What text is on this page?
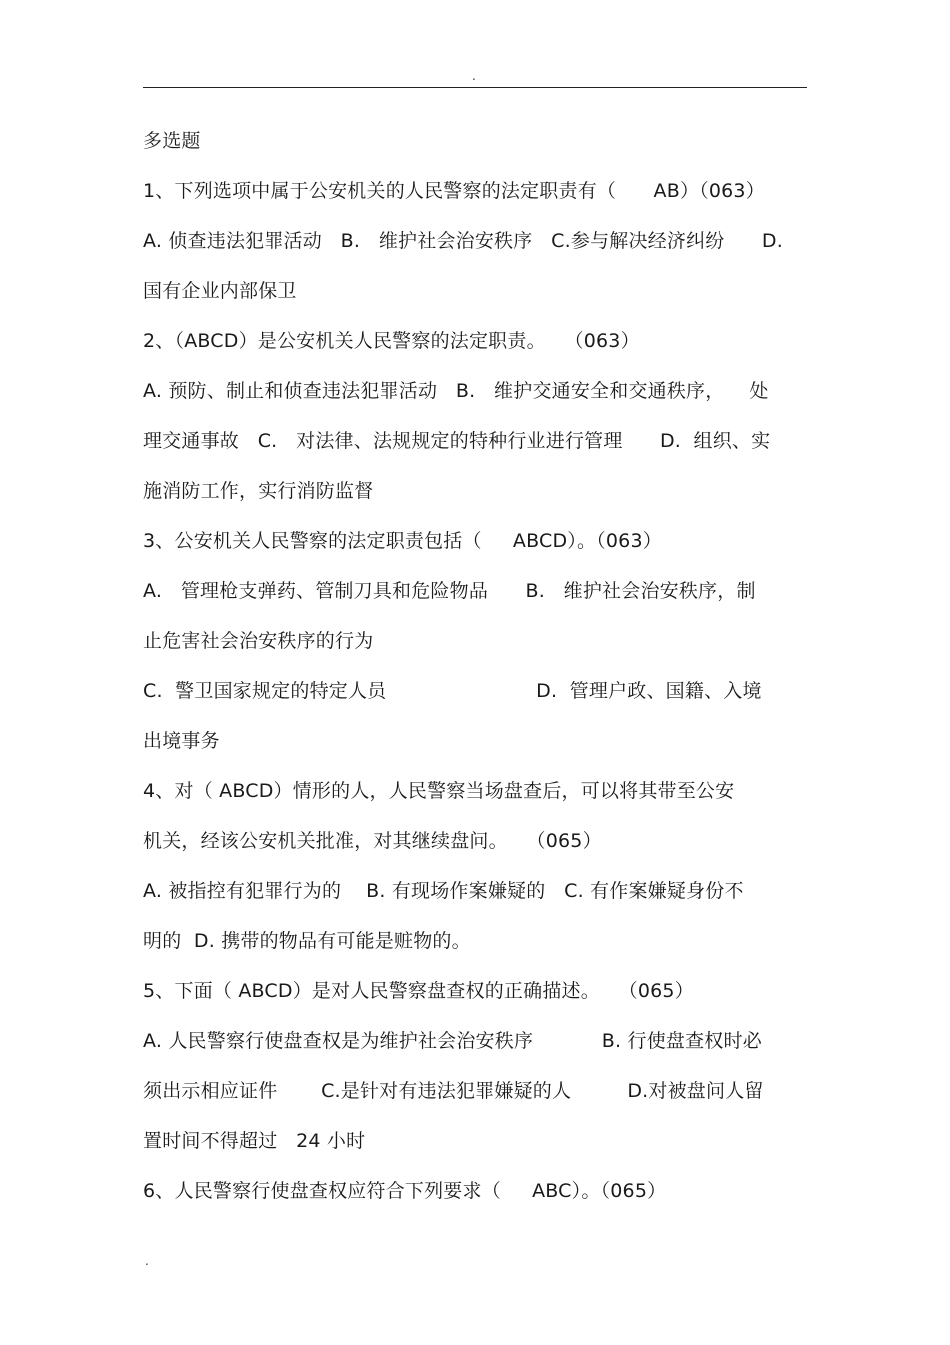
.
多选题
1、下列选项中属于公安机关的人民警察的法定职责有（      AB）（063）
A. 侦查违法犯罪活动   B.   维护社会治安秩序   C.参与解决经济纠纷      D.
国有企业内部保卫
2、（ABCD）是公安机关人民警察的法定职责。   （063）
A. 预防、制止和侦查违法犯罪活动   B.   维护交通安全和交通秩序，    处
理交通事故   C.   对法律、法规规定的特种行业进行管理      D.  组织、实
施消防工作，实行消防监督
3、公安机关人民警察的法定职责包括（     ABCD）。（063）
A.   管理枪支弹药、管制刀具和危险物品      B.   维护社会治安秩序，制
止危害社会治安秩序的行为
C.  警卫国家规定的特定人员                        D.  管理户政、国籍、入境
出境事务
4、对（ ABCD）情形的人，人民警察当场盘查后，可以将其带至公安
机关，经该公安机关批准，对其继续盘问。   （065）
A. 被指控有犯罪行为的    B. 有现场作案嫌疑的   C. 有作案嫌疑身份不
明的  D. 携带的物品有可能是赃物的。
5、下面（ ABCD）是对人民警察盘查权的正确描述。   （065）
A. 人民警察行使盘查权是为维护社会治安秩序           B. 行使盘查权时必
须出示相应证件       C.是针对有违法犯罪嫌疑的人         D.对被盘问人留
置时间不得超过   24 小时
6、人民警察行使盘查权应符合下列要求（     ABC）。（065）
.
